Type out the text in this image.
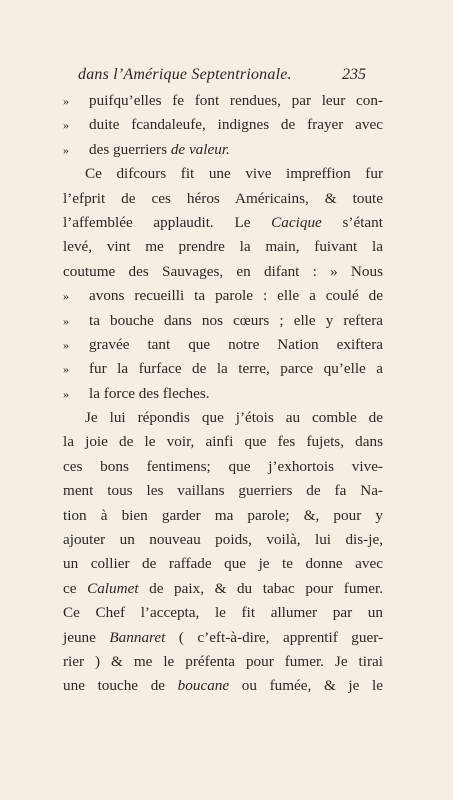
dans l’Amérique Septentrionale.	235
» puifqu’elles fe font rendues, par leur con-
» duite fcandaleufe, indignes de frayer avec
» des guerriers de valeur.
Ce difcours fit une vive impreffion fur
l’efprit de ces héros Américains, & toute
l’affemblée applaudit. Le Cacique s’étant
levé, vint me prendre la main, fuivant la
coutume des Sauvages, en difant : » Nous
» avons recueilli ta parole : elle a coulé de
» ta bouche dans nos cœurs ; elle y reftera
» gravée tant que notre Nation exiftera
» fur la furface de la terre, parce qu’elle a
» la force des fleches.
Je lui répondis que j’étois au comble de
la joie de le voir, ainfi que fes fujets, dans
ces bons fentimens; que j’exhortois vive-
ment tous les vaillans guerriers de fa Na-
tion à bien garder ma parole; &, pour y
ajouter un nouveau poids, voilà, lui dis-je,
un collier de raffade que je te donne avec
ce Calumet de paix, & du tabac pour fumer.
Ce Chef l’accepta, le fit allumer par un
jeune Bannaret ( c’eft-à-dire, apprentif guer-
rier ) & me le préfenta pour fumer. Je tirai
une touche de boucane ou fumée, & je le
